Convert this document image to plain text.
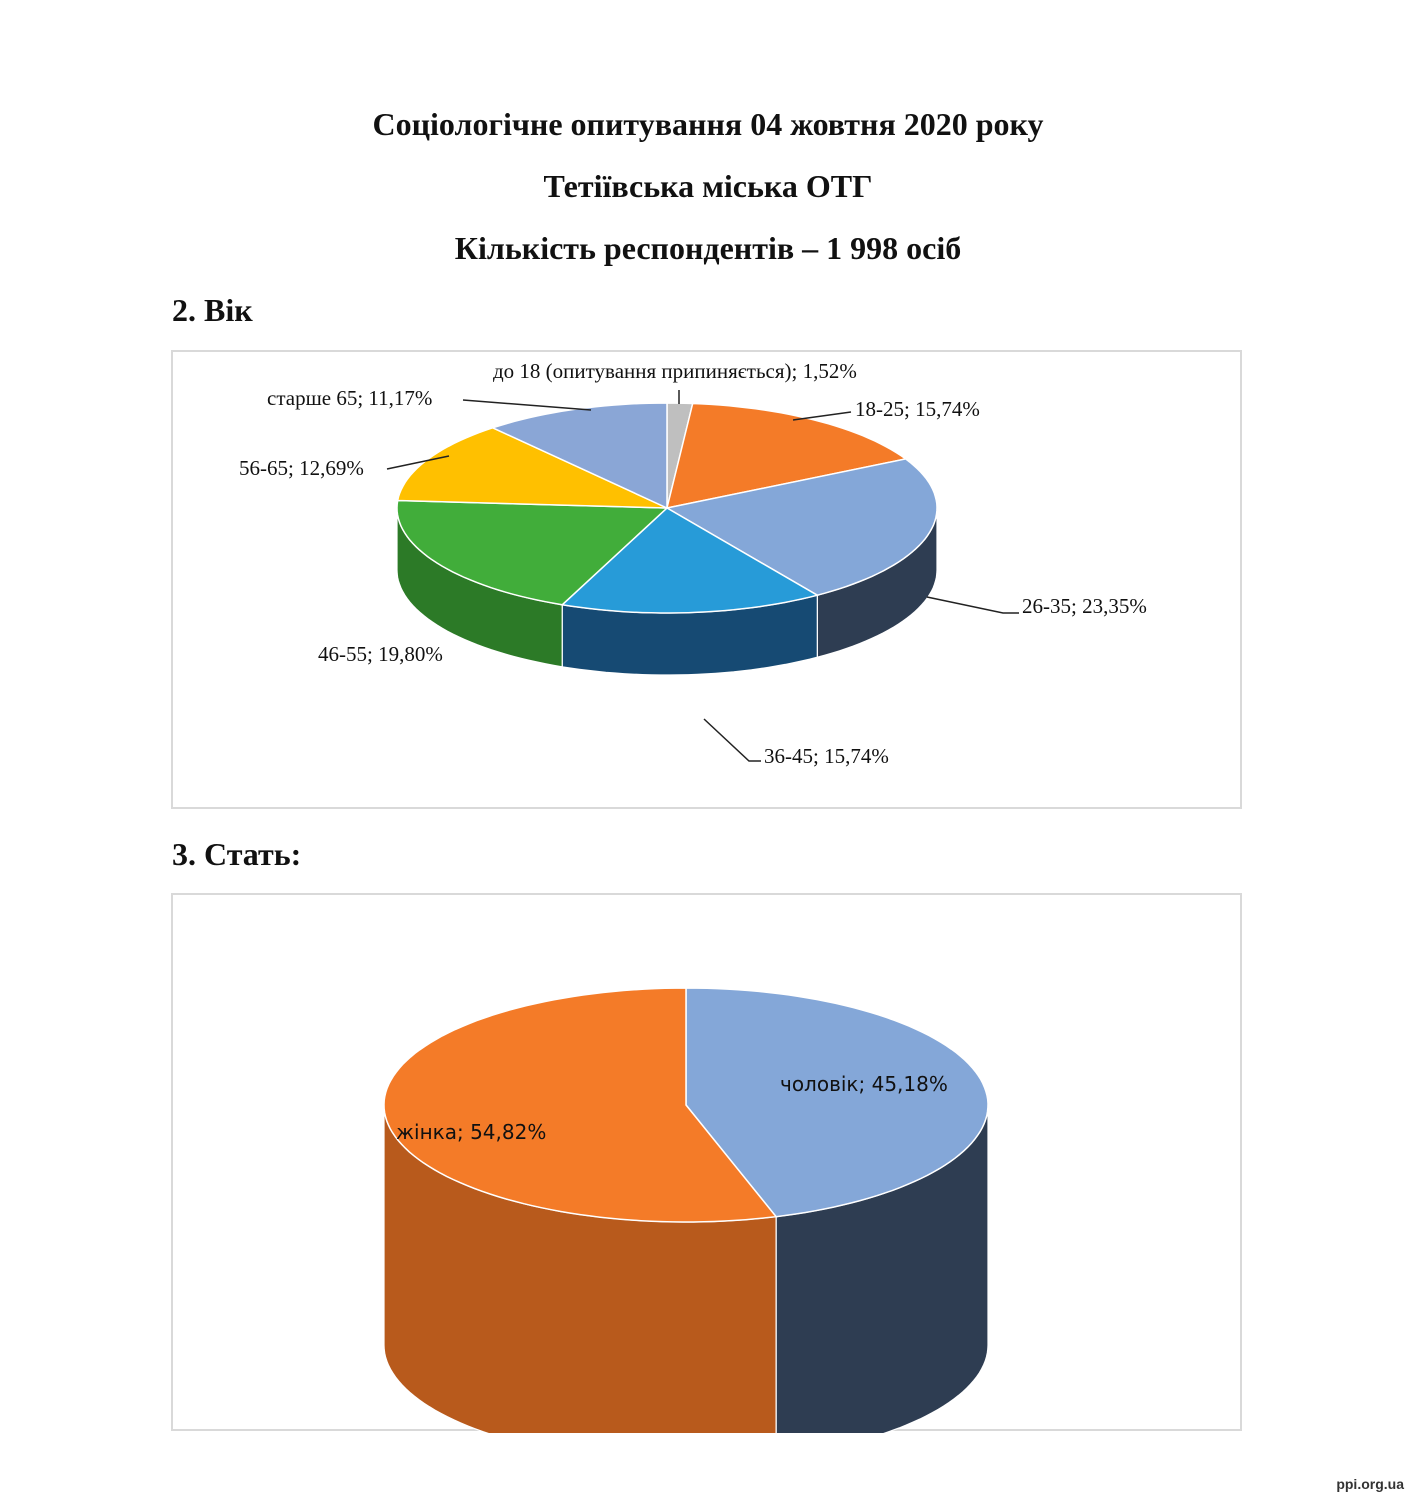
Соціологічне опитування 04 жовтня 2020 року
Тетіївська міська ОТГ
Кількість респондентів – 1 998 осіб
2. Вік
до 18 (опитування припиняється); 1,52%
18-25; 15,74%
26-35; 23,35%
36-45; 15,74%
46-55; 19,80%
56-65; 12,69%
старше 65; 11,17%
3. Стать:
чоловік; 45,18%
жінка; 54,82%
ppi.org.ua
